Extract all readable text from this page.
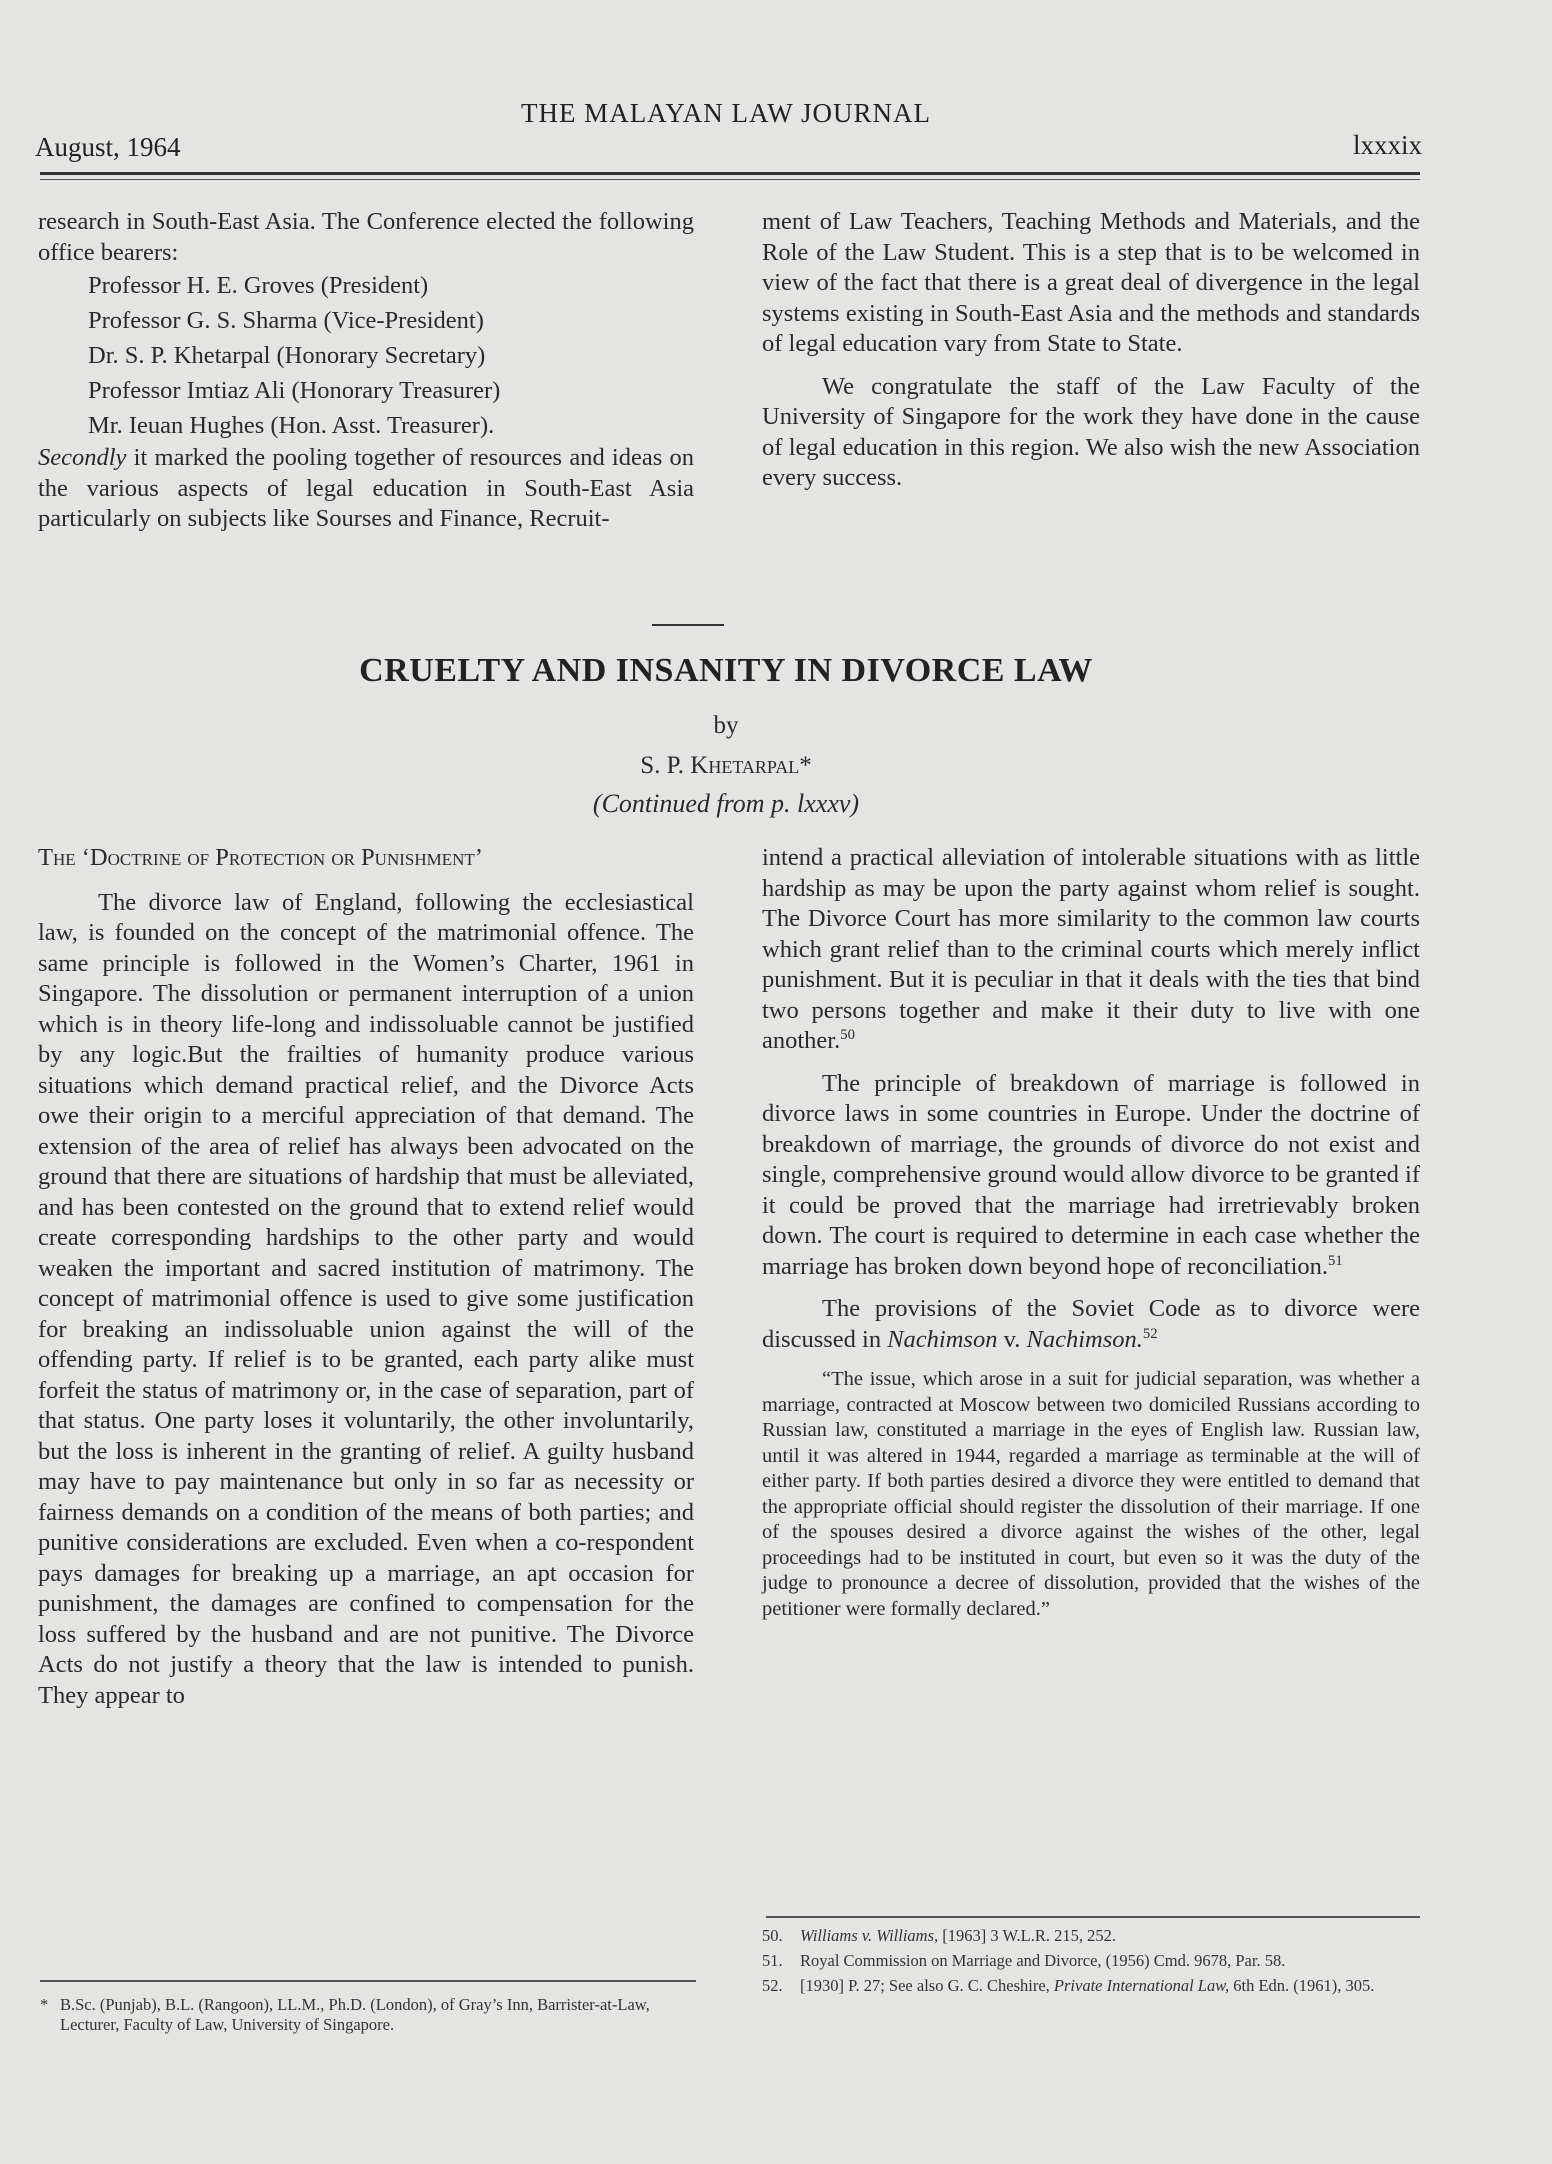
THE MALAYAN LAW JOURNAL
August, 1964	lxxxix

research in South-East Asia. The Conference elected the following office bearers:

Professor H. E. Groves (President)
Professor G. S. Sharma (Vice-President)
Dr. S. P. Khetarpal (Honorary Secretary)
Professor Imtiaz Ali (Honorary Treasurer)
Mr. Ieuan Hughes (Hon. Asst. Treasurer).

Secondly it marked the pooling together of resources and ideas on the various aspects of legal education in South-East Asia particularly on subjects like Sourses and Finance, Recruit-

ment of Law Teachers, Teaching Methods and Materials, and the Role of the Law Student. This is a step that is to be welcomed in view of the fact that there is a great deal of divergence in the legal systems existing in South-East Asia and the methods and standards of legal education vary from State to State.

We congratulate the staff of the Law Faculty of the University of Singapore for the work they have done in the cause of legal education in this region. We also wish the new Association every success.

CRUELTY AND INSANITY IN DIVORCE LAW
by
S. P. Khetarpal*
(Continued from p. lxxxv)

The ‘Doctrine of Protection or Punishment’

The divorce law of England, following the ecclesiastical law, is founded on the concept of the matrimonial offence. The same principle is followed in the Women’s Charter, 1961 in Singapore. The dissolution or permanent interruption of a union which is in theory life-long and indissoluable cannot be justified by any logic.But the frailties of humanity produce various situations which demand practical relief, and the Divorce Acts owe their origin to a merciful appreciation of that demand. The extension of the area of relief has always been advocated on the ground that there are situations of hardship that must be alleviated, and has been contested on the ground that to extend relief would create corresponding hardships to the other party and would weaken the important and sacred institution of matrimony. The concept of matrimonial offence is used to give some justification for breaking an indissoluable union against the will of the offending party. If relief is to be granted, each party alike must forfeit the status of matrimony or, in the case of separation, part of that status. One party loses it voluntarily, the other involuntarily, but the loss is inherent in the granting of relief. A guilty husband may have to pay maintenance but only in so far as necessity or fairness demands on a condition of the means of both parties; and punitive considerations are excluded. Even when a co-respondent pays damages for breaking up a marriage, an apt occasion for punishment, the damages are confined to compensation for the loss suffered by the husband and are not punitive. The Divorce Acts do not justify a theory that the law is intended to punish. They appear to

intend a practical alleviation of intolerable situations with as little hardship as may be upon the party against whom relief is sought. The Divorce Court has more similarity to the common law courts which grant relief than to the criminal courts which merely inflict punishment. But it is peculiar in that it deals with the ties that bind two persons together and make it their duty to live with one another.$^{50}$

The principle of breakdown of marriage is followed in divorce laws in some countries in Europe. Under the doctrine of breakdown of marriage, the grounds of divorce do not exist and single, comprehensive ground would allow divorce to be granted if it could be proved that the marriage had irretrievably broken down. The court is required to determine in each case whether the marriage has broken down beyond hope of reconciliation.$^{51}$

The provisions of the Soviet Code as to divorce were discussed in Nachimson v. Nachimson.$^{52}$

“The issue, which arose in a suit for judicial separation, was whether a marriage, contracted at Moscow between two domiciled Russians according to Russian law, constituted a marriage in the eyes of English law. Russian law, until it was altered in 1944, regarded a marriage as terminable at the will of either party. If both parties desired a divorce they were entitled to demand that the appropriate official should register the dissolution of their marriage. If one of the spouses desired a divorce against the wishes of the other, legal proceedings had to be instituted in court, but even so it was the duty of the judge to pronounce a decree of dissolution, provided that the wishes of the petitioner were formally declared.”

* B.Sc. (Punjab), B.L. (Rangoon), LL.M., Ph.D. (London), of Gray’s Inn, Barrister-at-Law, Lecturer, Faculty of Law, University of Singapore.
50.	Williams v. Williams, [1963] 3 W.L.R. 215, 252.
51.	Royal Commission on Marriage and Divorce, (1956) Cmd. 9678, Par. 58.
52.	[1930] P. 27; See also G. C. Cheshire, Private International Law, 6th Edn. (1961), 305.
